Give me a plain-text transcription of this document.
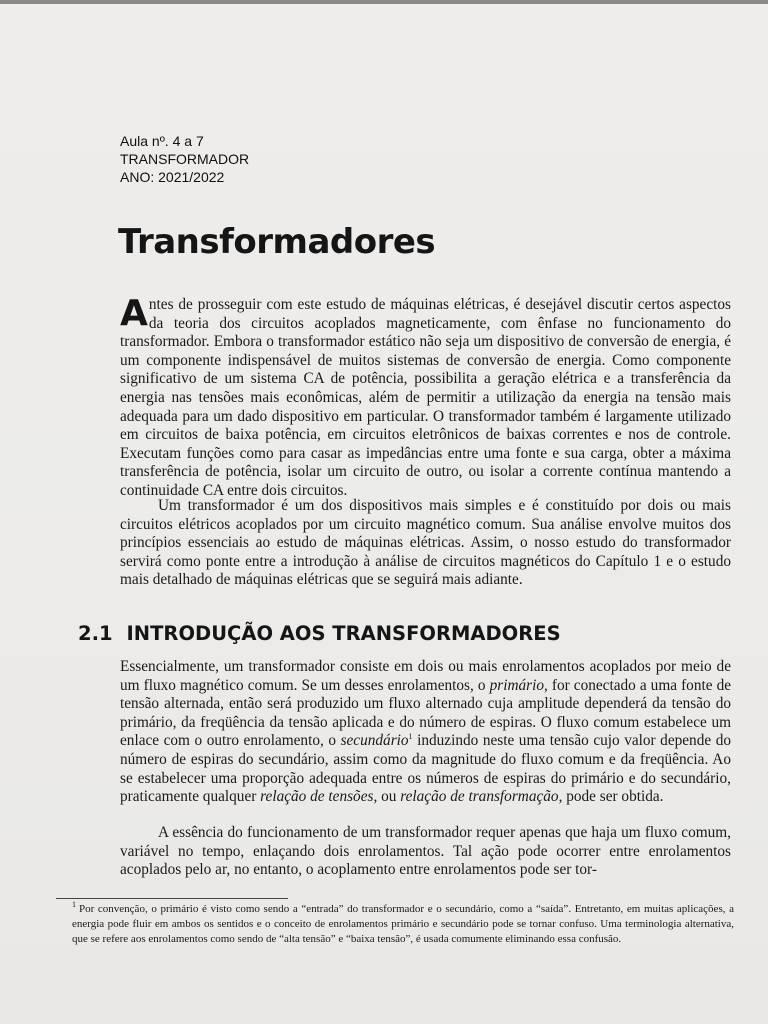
Aula nº. 4 a 7
TRANSFORMADOR
ANO: 2021/2022
Transformadores

A ntes de prosseguir com este estudo de máquinas elétricas, é desejável discutir certos aspectos da teoria dos circuitos acoplados magneticamente, com ênfase no funcionamento do transformador. Embora o transformador estático não seja um dispositivo de conversão de energia, é um componente indispensável de muitos sistemas de conversão de energia. Como componente significativo de um sistema CA de potência, possibilita a geração elétrica e a transferência da energia nas tensões mais econômicas, além de permitir a utilização da energia na tensão mais adequada para um dado dispositivo em particular. O transformador também é largamente utilizado em circuitos de baixa potência, em circuitos eletrônicos de baixas correntes e nos de controle. Executam funções como para casar as impedâncias entre uma fonte e sua carga, obter a máxima transferência de potência, isolar um circuito de outro, ou isolar a corrente contínua mantendo a continuidade CA entre dois circuitos.

Um transformador é um dos dispositivos mais simples e é constituído por dois ou mais circuitos elétricos acoplados por um circuito magnético comum. Sua análise envolve muitos dos princípios essenciais ao estudo de máquinas elétricas. Assim, o nosso estudo do transformador servirá como ponte entre a introdução à análise de circuitos magnéticos do Capítulo 1 e o estudo mais detalhado de máquinas elétricas que se seguirá mais adiante.

2.1 INTRODUÇÃO AOS TRANSFORMADORES

Essencialmente, um transformador consiste em dois ou mais enrolamentos acoplados por meio de um fluxo magnético comum. Se um desses enrolamentos, o primário, for conectado a uma fonte de tensão alternada, então será produzido um fluxo alternado cuja amplitude dependerá da tensão do primário, da freqüência da tensão aplicada e do número de espiras. O fluxo comum estabelece um enlace com o outro enrolamento, o secundário$^1$ induzindo neste uma tensão cujo valor depende do número de espiras do secundário, assim como da magnitude do fluxo comum e da freqüência. Ao se estabelecer uma proporção adequada entre os números de espiras do primário e do secundário, praticamente qualquer relação de tensões, ou relação de transformação, pode ser obtida.

A essência do funcionamento de um transformador requer apenas que haja um fluxo comum, variável no tempo, enlaçando dois enrolamentos. Tal ação pode ocorrer entre enrolamentos acoplados pelo ar, no entanto, o acoplamento entre enrolamentos pode ser tor-

$^1$ Por convenção, o primário é visto como sendo a “entrada” do transformador e o secundário, como a “saída”. Entretanto, em muitas aplicações, a energia pode fluir em ambos os sentidos e o conceito de enrolamentos primário e secundário pode se tornar confuso. Uma terminologia alternativa, que se refere aos enrolamentos como sendo de “alta tensão” e “baixa tensão”, é usada comumente eliminando essa confusão.
